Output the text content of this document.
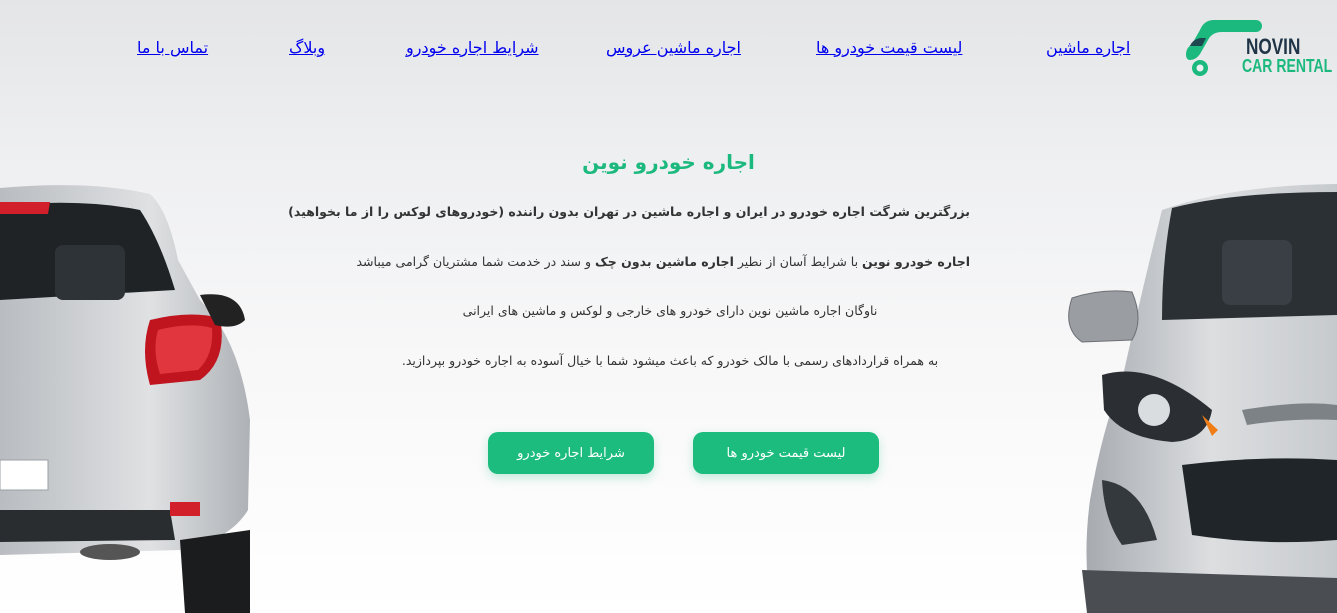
NOVIN
CAR RENTAL
اجاره ماشین
لیست قیمت خودرو ها
اجاره ماشین عروس
شرایط اجاره خودرو
وبلاگ
تماس با ما
اجاره خودرو نوین

بزرگترین شرگت اجاره خودرو در ایران و اجاره ماشین در تهران بدون راننده (خودروهای لوکس را از ما بخواهید)

اجاره خودرو نوین با شرایط آسان از نطیر اجاره ماشین بدون چک و سند در خدمت شما مشتریان گرامی میباشد

ناوگان اجاره ماشین نوین دارای خودرو های خارجی و لوکس و ماشین های ایرانی

به همراه قراردادهای رسمی با مالک خودرو که باعث میشود شما با خیال آسوده به اجاره خودرو بپردازید.

لیست قیمت خودرو ها
شرایط اجاره خودرو
